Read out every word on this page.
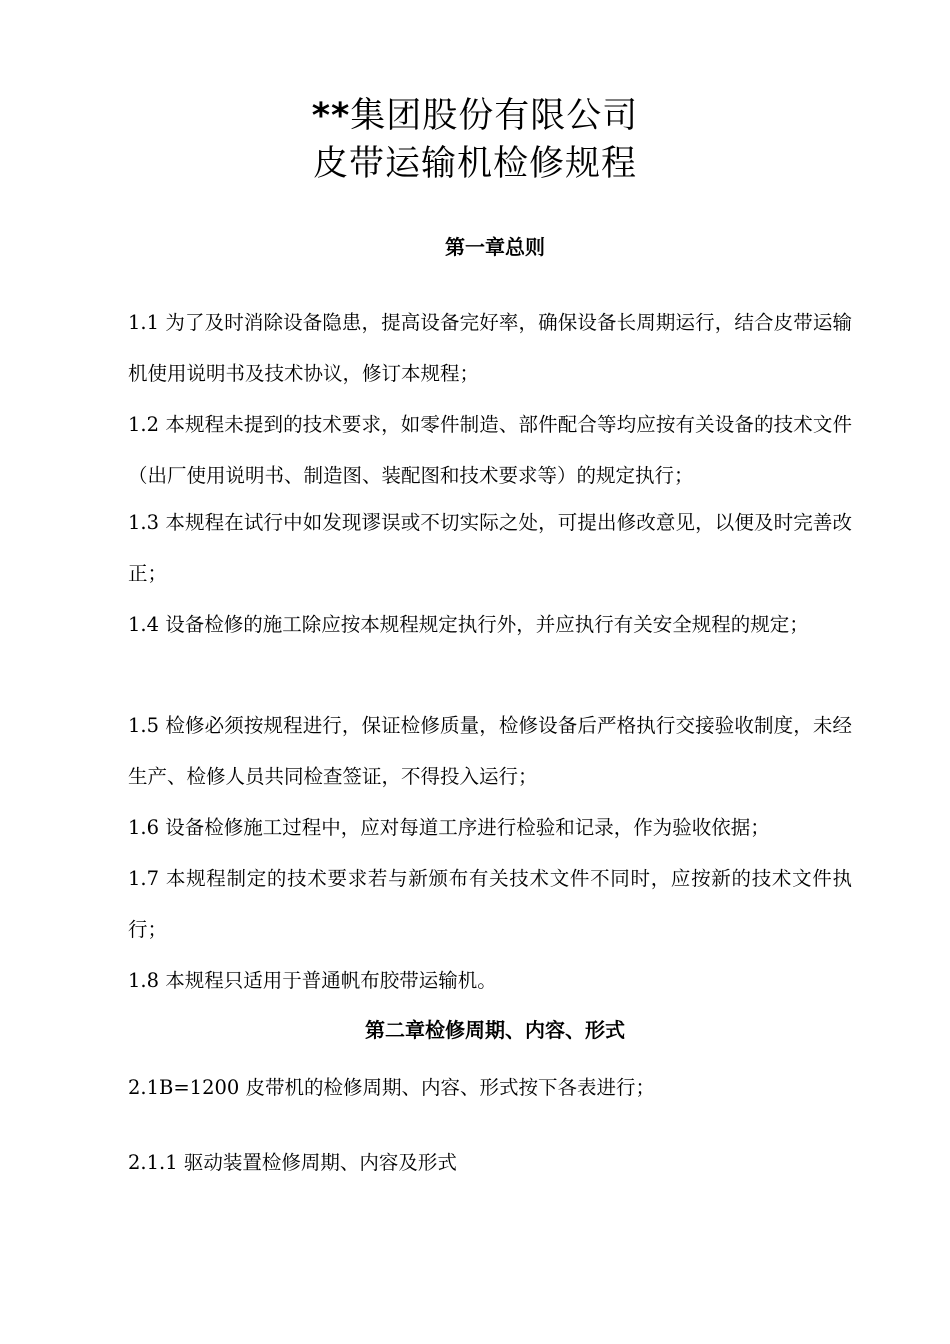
**集团股份有限公司
皮带运输机检修规程
第一章总则
1.1 为了及时消除设备隐患，提高设备完好率，确保设备长周期运行，结合皮带运输机使用说明书及技术协议，修订本规程；
1.2 本规程未提到的技术要求，如零件制造、部件配合等均应按有关设备的技术文件（出厂使用说明书、制造图、装配图和技术要求等）的规定执行；
1.3 本规程在试行中如发现谬误或不切实际之处，可提出修改意见，以便及时完善改正；
1.4 设备检修的施工除应按本规程规定执行外，并应执行有关安全规程的规定；
1.5 检修必须按规程进行，保证检修质量，检修设备后严格执行交接验收制度，未经生产、检修人员共同检查签证，不得投入运行；
1.6 设备检修施工过程中，应对每道工序进行检验和记录，作为验收依据；
1.7 本规程制定的技术要求若与新颁布有关技术文件不同时，应按新的技术文件执行；
1.8 本规程只适用于普通帆布胶带运输机。
第二章检修周期、内容、形式
2.1B=1200 皮带机的检修周期、内容、形式按下各表进行；
2.1.1 驱动装置检修周期、内容及形式
